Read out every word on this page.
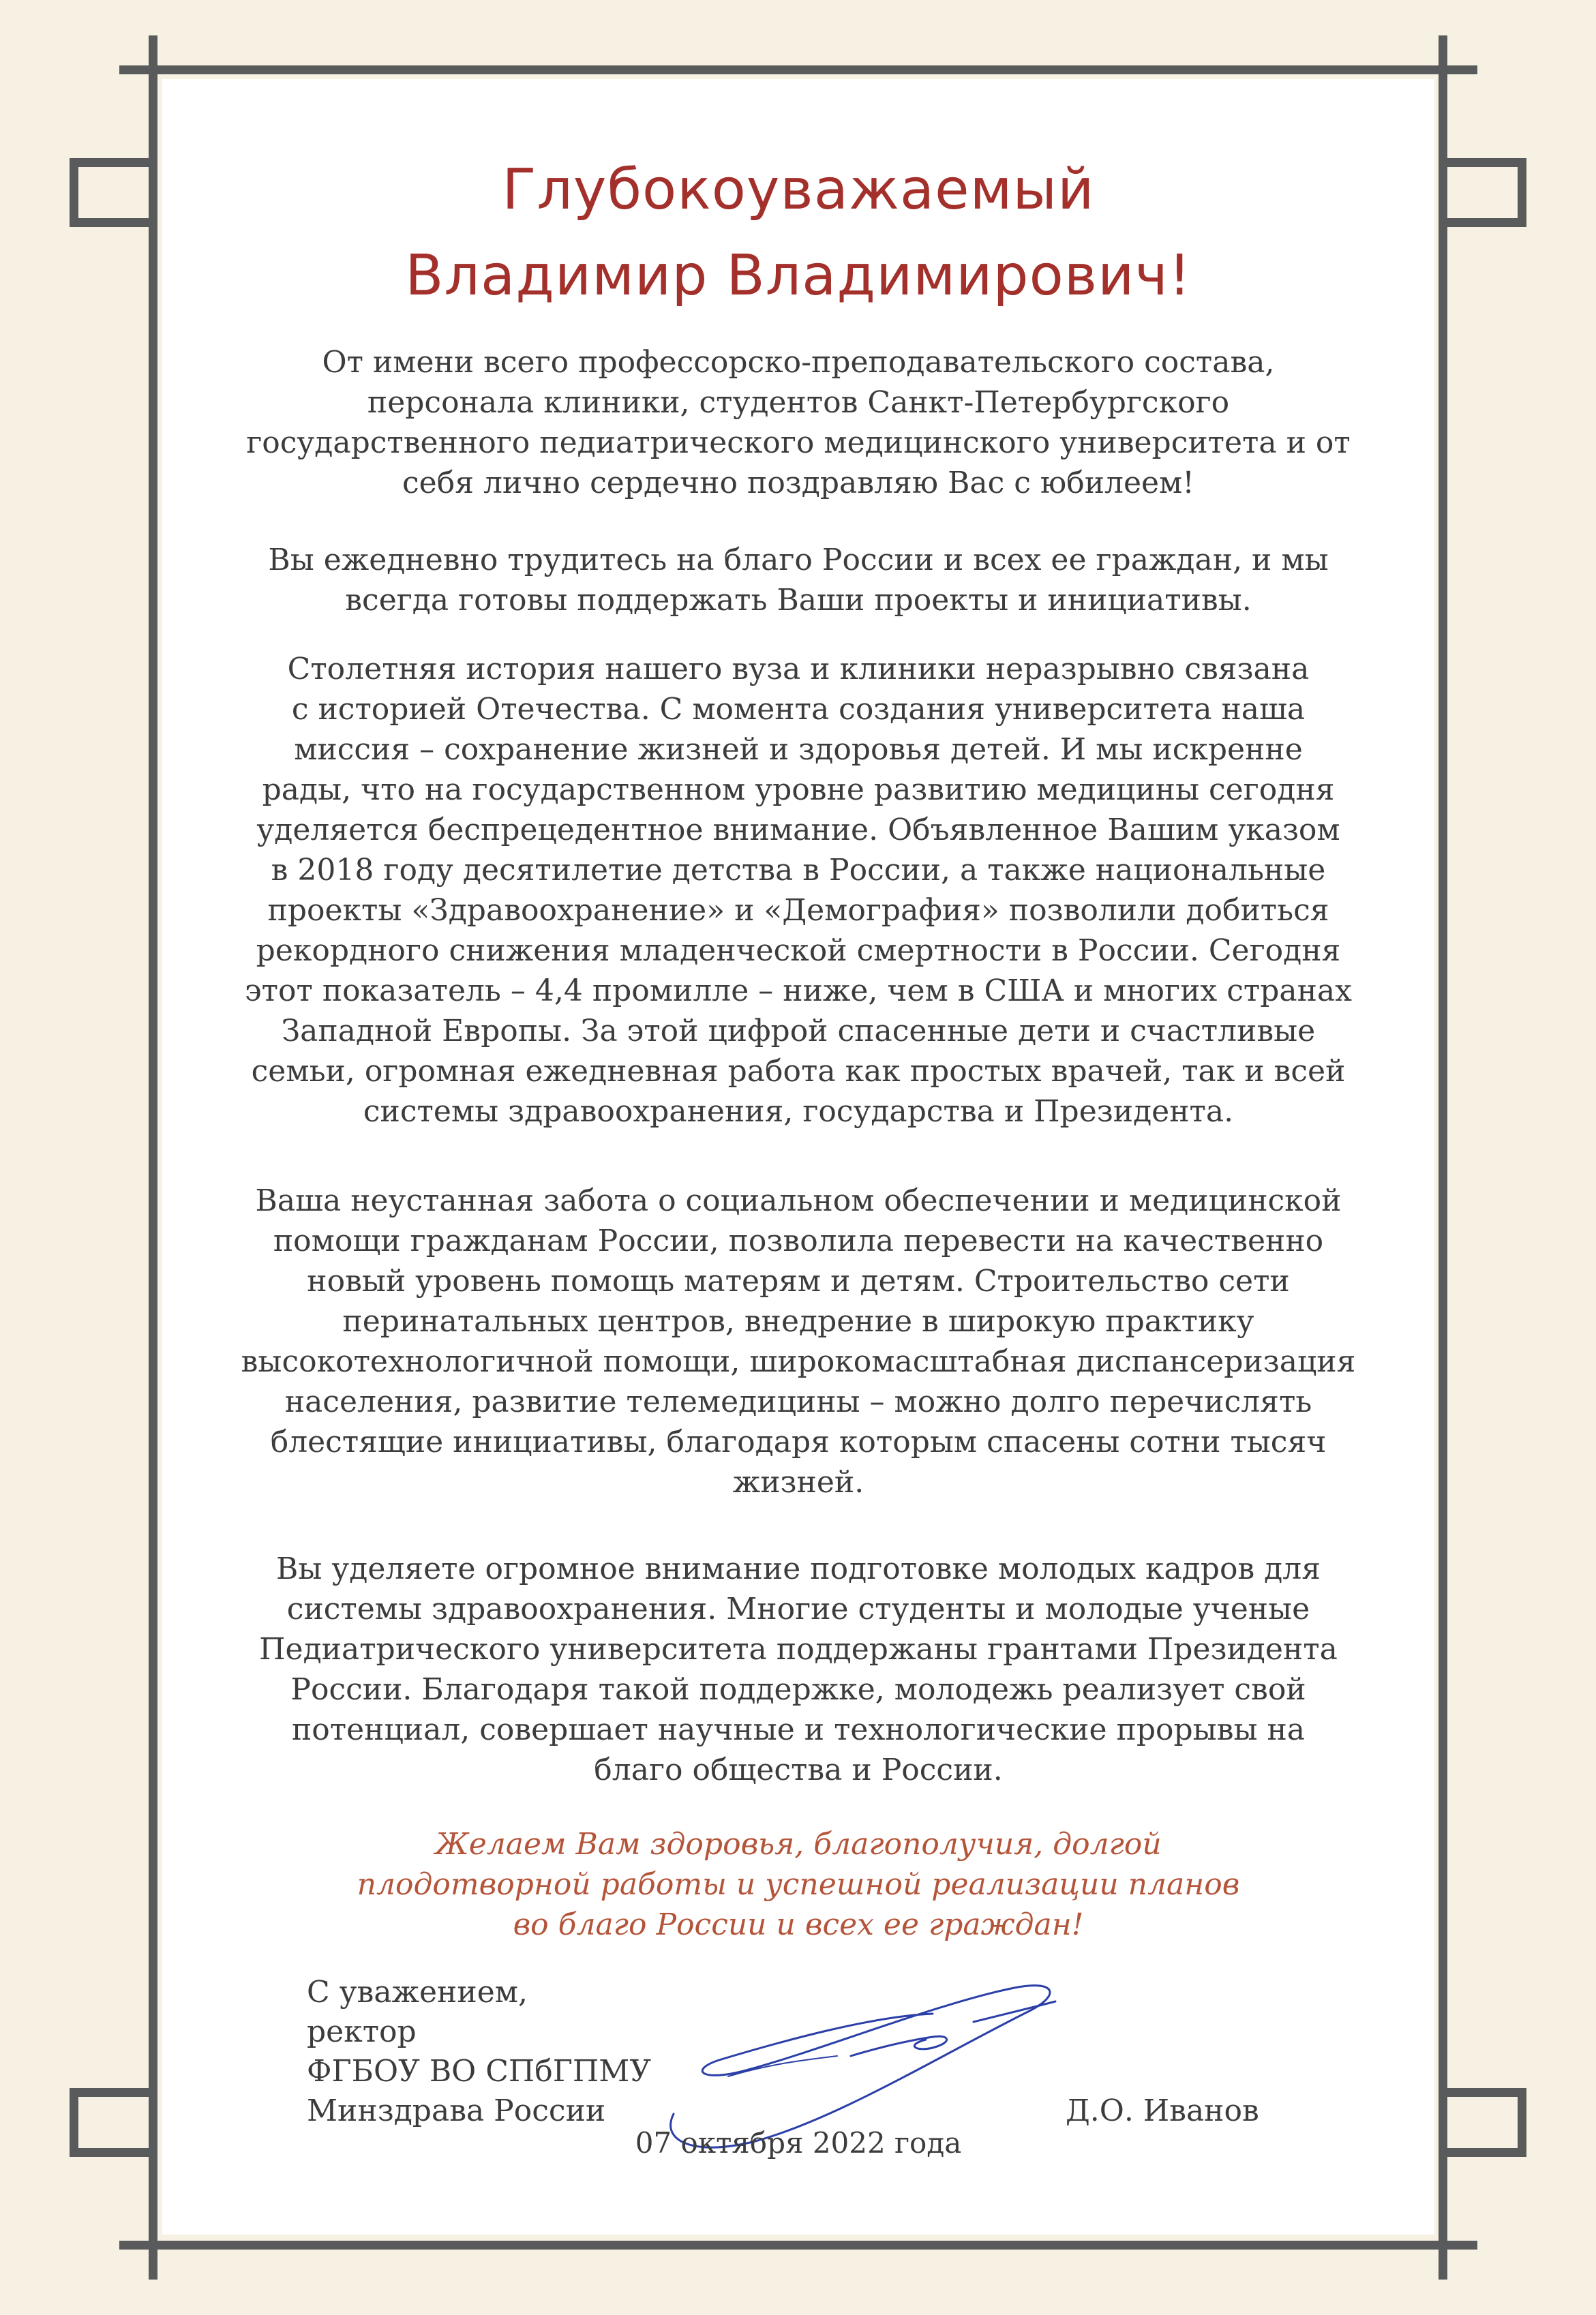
Глубокоуважаемый
Владимир Владимирович!
От имени всего профессорско-преподавательского состава,
персонала клиники, студентов Санкт-Петербургского
государственного педиатрического медицинского университета и от
себя лично сердечно поздравляю Вас с юбилеем!
Вы ежедневно трудитесь на благо России и всех ее граждан, и мы
всегда готовы поддержать Ваши проекты и инициативы.
Столетняя история нашего вуза и клиники неразрывно связана
с историей Отечества. С момента создания университета наша
миссия – сохранение жизней и здоровья детей. И мы искренне
рады, что на государственном уровне развитию медицины сегодня
уделяется беспрецедентное внимание. Объявленное Вашим указом
в 2018 году десятилетие детства в России, а также национальные
проекты «Здравоохранение» и «Демография» позволили добиться
рекордного снижения младенческой смертности в России. Сегодня
этот показатель – 4,4 промилле – ниже, чем в США и многих странах
Западной Европы. За этой цифрой спасенные дети и счастливые
семьи, огромная ежедневная работа как простых врачей, так и всей
системы здравоохранения, государства и Президента.
Ваша неустанная забота о социальном обеспечении и медицинской
помощи гражданам России, позволила перевести на качественно
новый уровень помощь матерям и детям. Строительство сети
перинатальных центров, внедрение в широкую практику
высокотехнологичной помощи, широкомасштабная диспансеризация
населения, развитие телемедицины – можно долго перечислять
блестящие инициативы, благодаря которым спасены сотни тысяч
жизней.
Вы уделяете огромное внимание подготовке молодых кадров для
системы здравоохранения. Многие студенты и молодые ученые
Педиатрического университета поддержаны грантами Президента
России. Благодаря такой поддержке, молодежь реализует свой
потенциал, совершает научные и технологические прорывы на
благо общества и России.
Желаем Вам здоровья, благополучия, долгой
плодотворной работы и успешной реализации планов
во благо России и всех ее граждан!
С уважением,
ректор
ФГБОУ ВО СПбГПМУ
Минздрава России	Д.О. Иванов
07 октября 2022 года
